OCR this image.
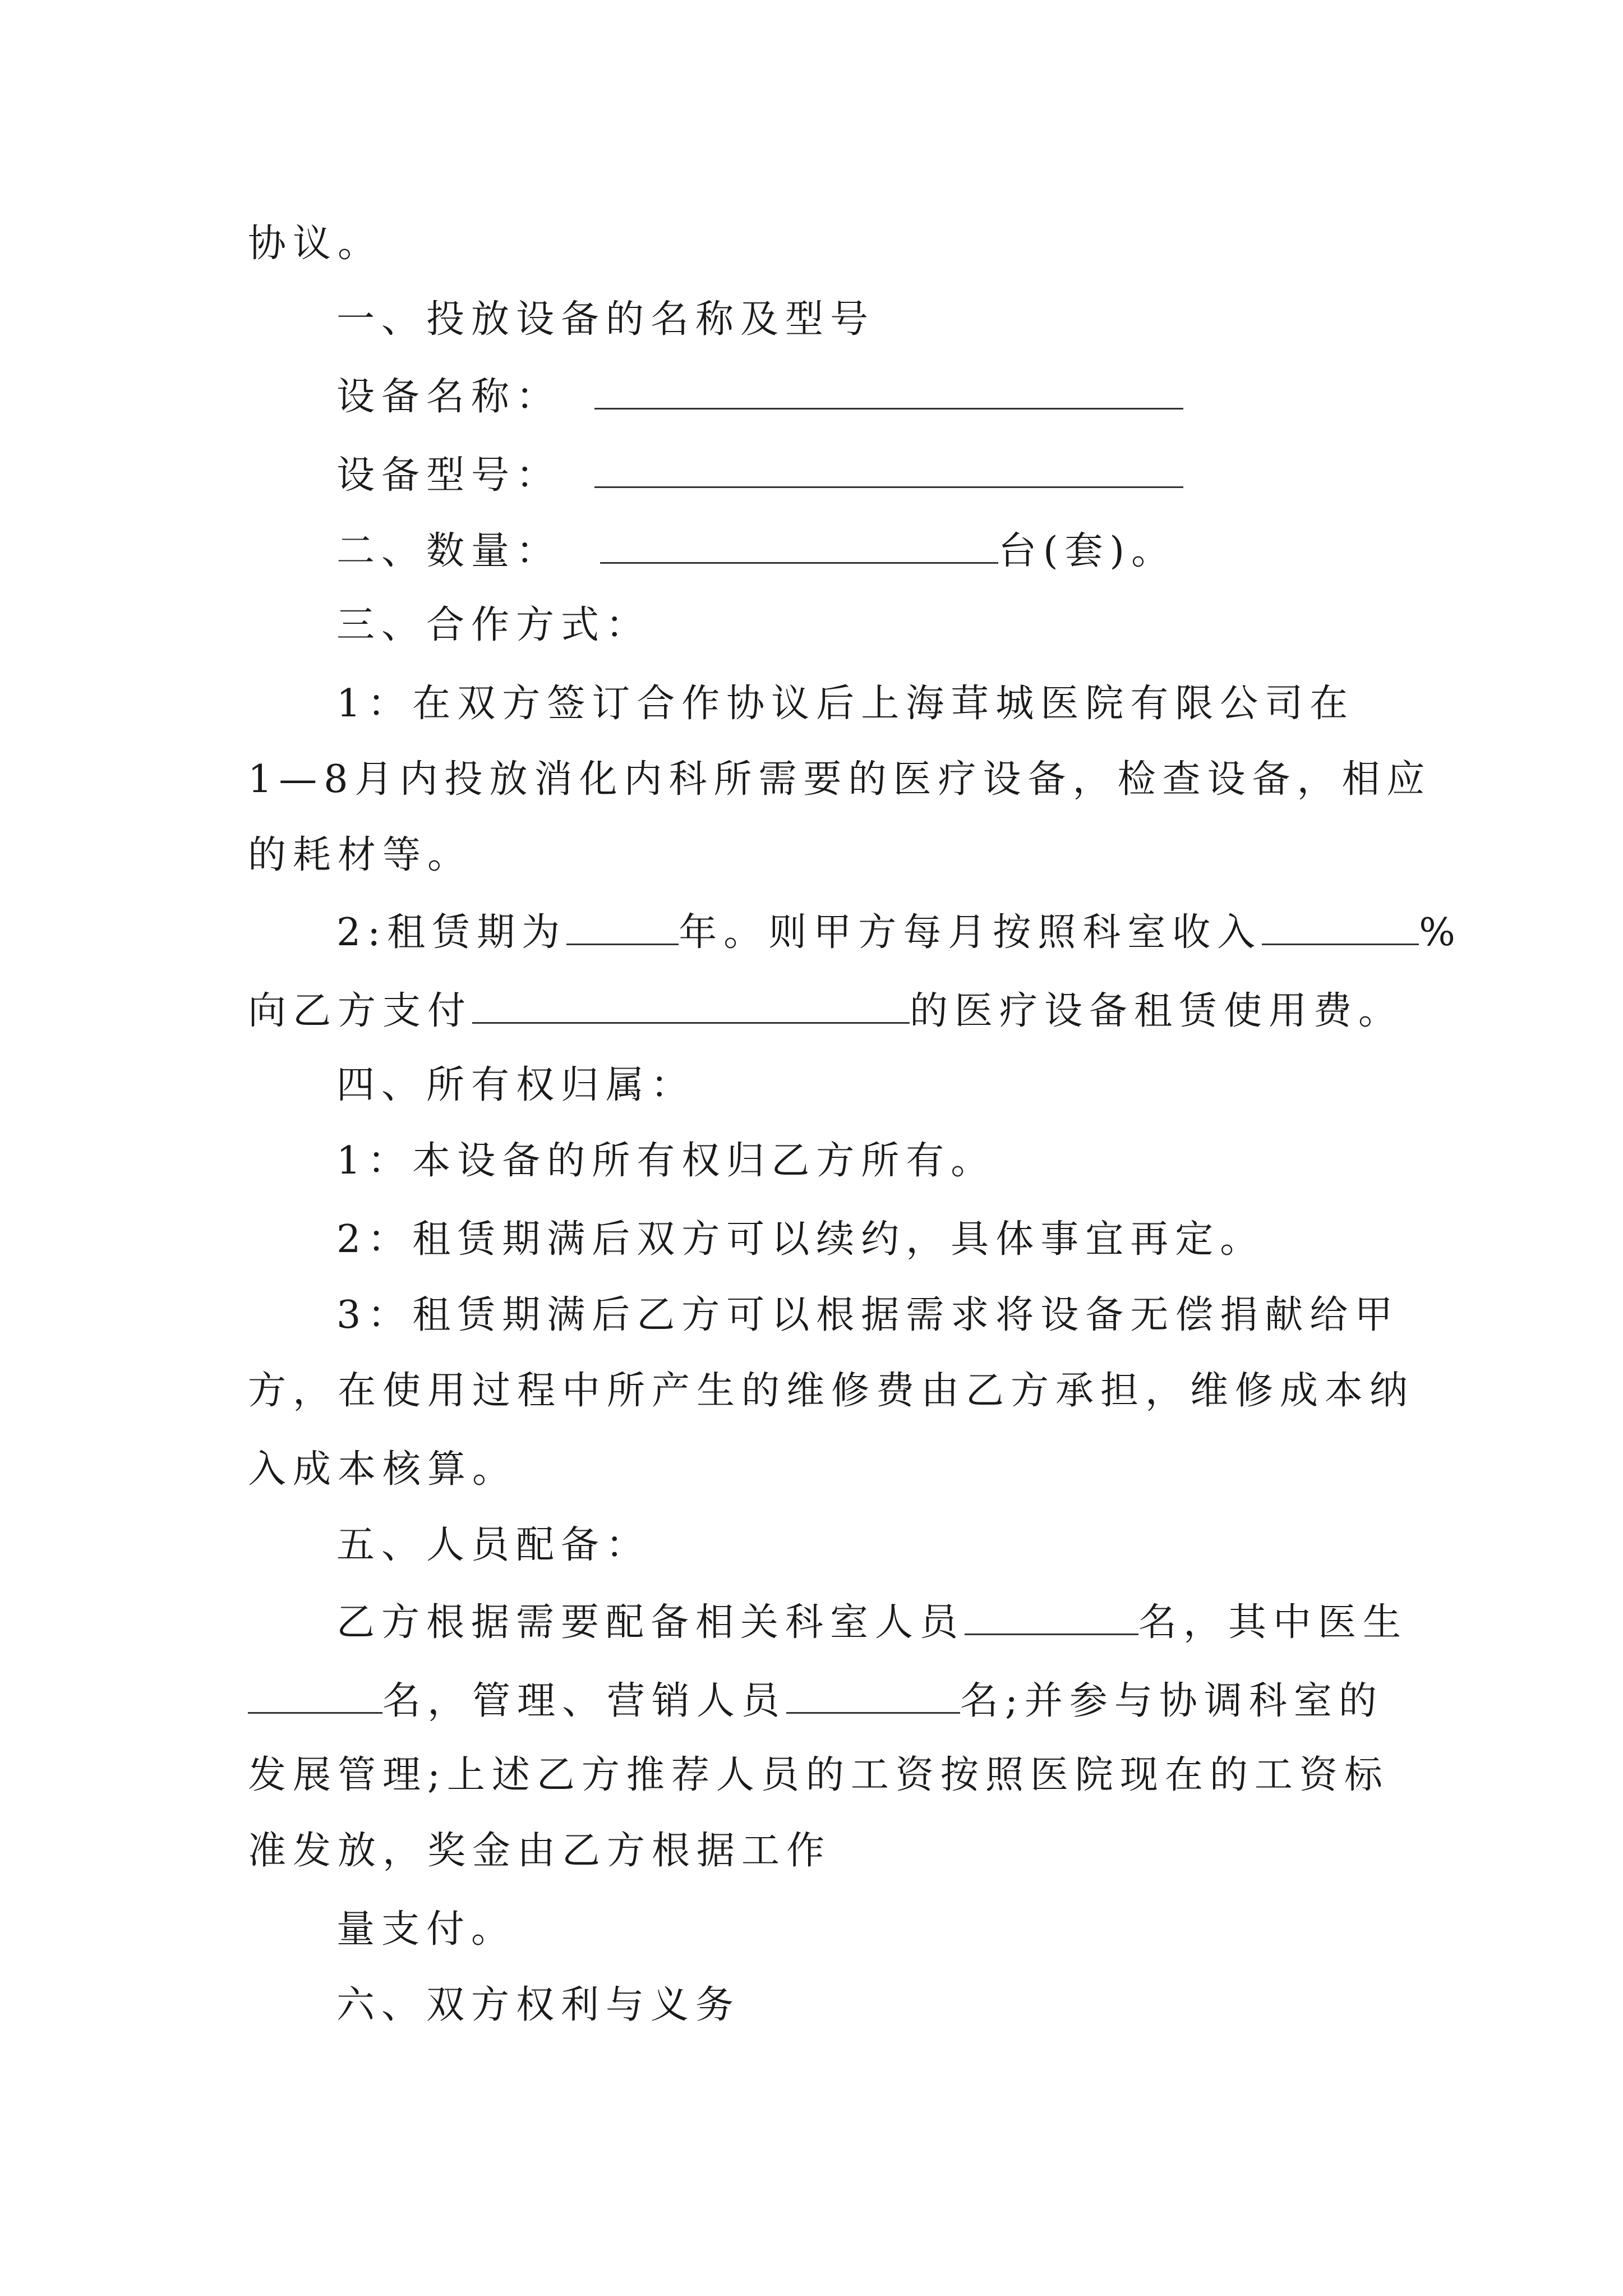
协议。
一、投放设备的名称及型号
设备名称：
设备型号：
二、数量：	台(套)。
三、合作方式：
1：在双方签订合作协议后上海茸城医院有限公司在
1—8月内投放消化内科所需要的医疗设备，检查设备，相应
的耗材等。
2:租赁期为	年。则甲方每月按照科室收入	%
向乙方支付	的医疗设备租赁使用费。
四、所有权归属：
1：本设备的所有权归乙方所有。
2：租赁期满后双方可以续约，具体事宜再定。
3：租赁期满后乙方可以根据需求将设备无偿捐献给甲
方，在使用过程中所产生的维修费由乙方承担，维修成本纳
入成本核算。
五、人员配备：
乙方根据需要配备相关科室人员	名，其中医生
名，管理、营销人员	名;并参与协调科室的
发展管理;上述乙方推荐人员的工资按照医院现在的工资标
准发放，奖金由乙方根据工作
量支付。
六、双方权利与义务
